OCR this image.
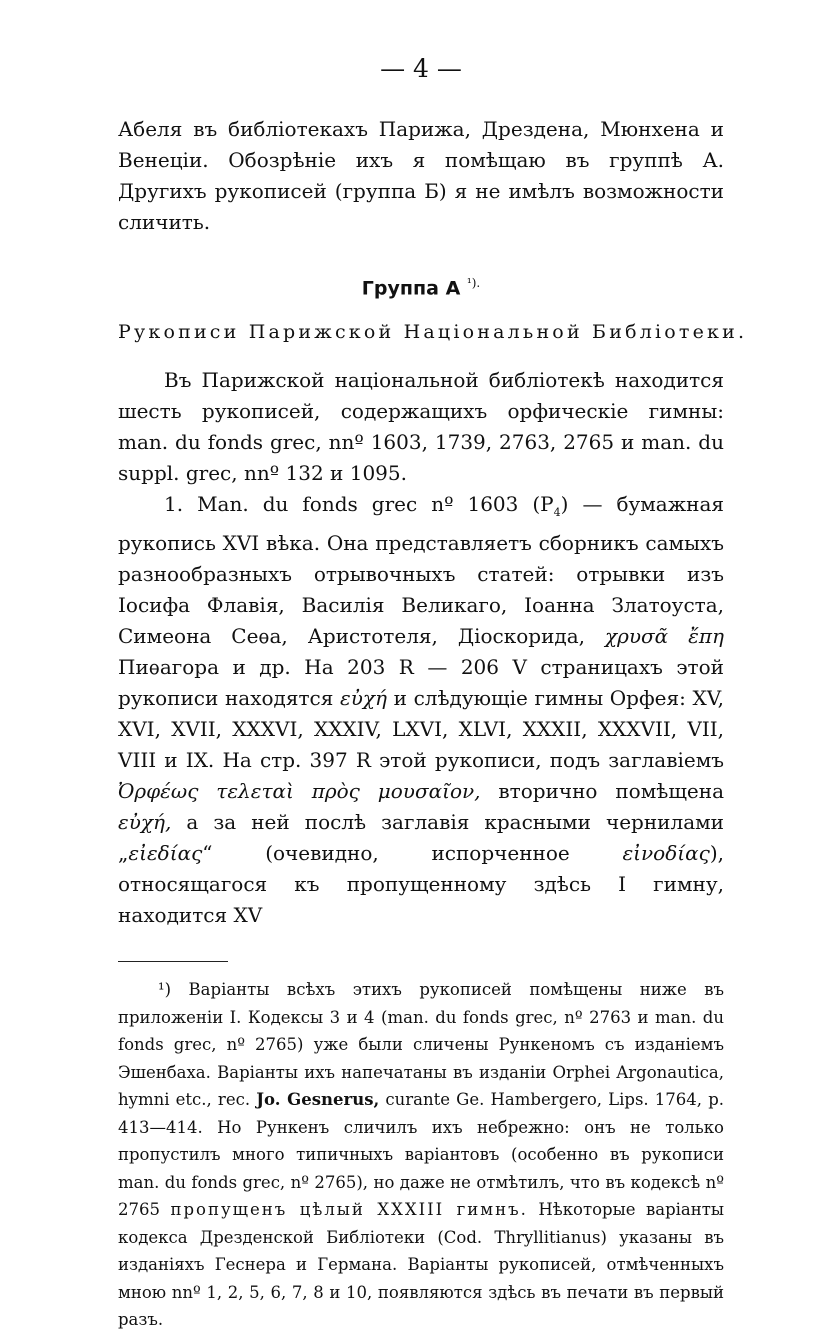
— 4 —

Абеля въ библіотекахъ Парижа, Дрездена, Мюнхена и Венеціи. Обозрѣніе ихъ я помѣщаю въ группѣ А. Другихъ рукописей (группа Б) я не имѣлъ возможности сличить.

Группа А $^{^1).}$
Рукописи Парижской Національной Библіотеки.

Въ Парижской національной библіотекѣ находится шесть рукописей, содержащихъ орфическіе гимны: man. du fonds grec, nnº 1603, 1739, 2763, 2765 и man. du suppl. grec, nnº 132 и 1095.

1. Man. du fonds grec nº 1603 $(P_4)$ — бумажная рукопись XVI вѣка. Она представляетъ сборникъ самыхъ разнообразныхъ отрывочныхъ статей: отрывки изъ Іосифа Флавія, Василія Великаго, Іоанна Златоуста, Симеона Сеѳа, Аристотеля, Діоскорида, χρυσᾶ ἔπη Пиѳагора и др. На 203 R — 206 V страницахъ этой рукописи находятся εὐχή и слѣдующіе гимны Орфея: XV, XVI, XVII, XXXVI, XXXIV, LXVI, XLVI, XXXII, XXXVII, VII, VIII и IX. На стр. 397 R этой рукописи, подъ заглавіемъ Ὀρφέως τελεταὶ πρὸς μουσαῖον, вторично помѣщена εὐχή, а за ней послѣ заглавія красными чернилами „εἰεδίας“ (очевидно, испорченное	εἰνοδίας), относящагося къ пропущенному здѣсь I гимну, находится XV

¹) Варіанты всѣхъ этихъ рукописей помѣщены ниже въ приложеніи I. Кодексы 3 и 4 (man. du fonds grec, nº 2763 и man. du fonds grec, nº 2765) уже были сличены Рункеномъ съ изданіемъ Эшенбаха. Варіанты ихъ напечатаны въ изданіи Orphei Argonautica, hymni etc., rec. Jo. Gesnerus, curante Ge. Hambergero, Lips. 1764, p. 413—414. Но Рункенъ сличилъ ихъ небрежно: онъ не только пропустилъ много типичныхъ варіантовъ (особенно въ рукописи man. du fonds grec, nº 2765), но даже не отмѣтилъ, что въ кодексѣ nº 2765 пропущенъ цѣлый XXXIII гимнъ. Нѣкоторые варіанты кодекса Дрезденской Библіотеки (Cod. Thryllitianus) указаны въ изданіяхъ Геснера и Германа. Варіанты рукописей, отмѣченныхъ мною nnº 1, 2, 5, 6, 7, 8 и 10, появляются здѣсь въ печати въ первый разъ.
